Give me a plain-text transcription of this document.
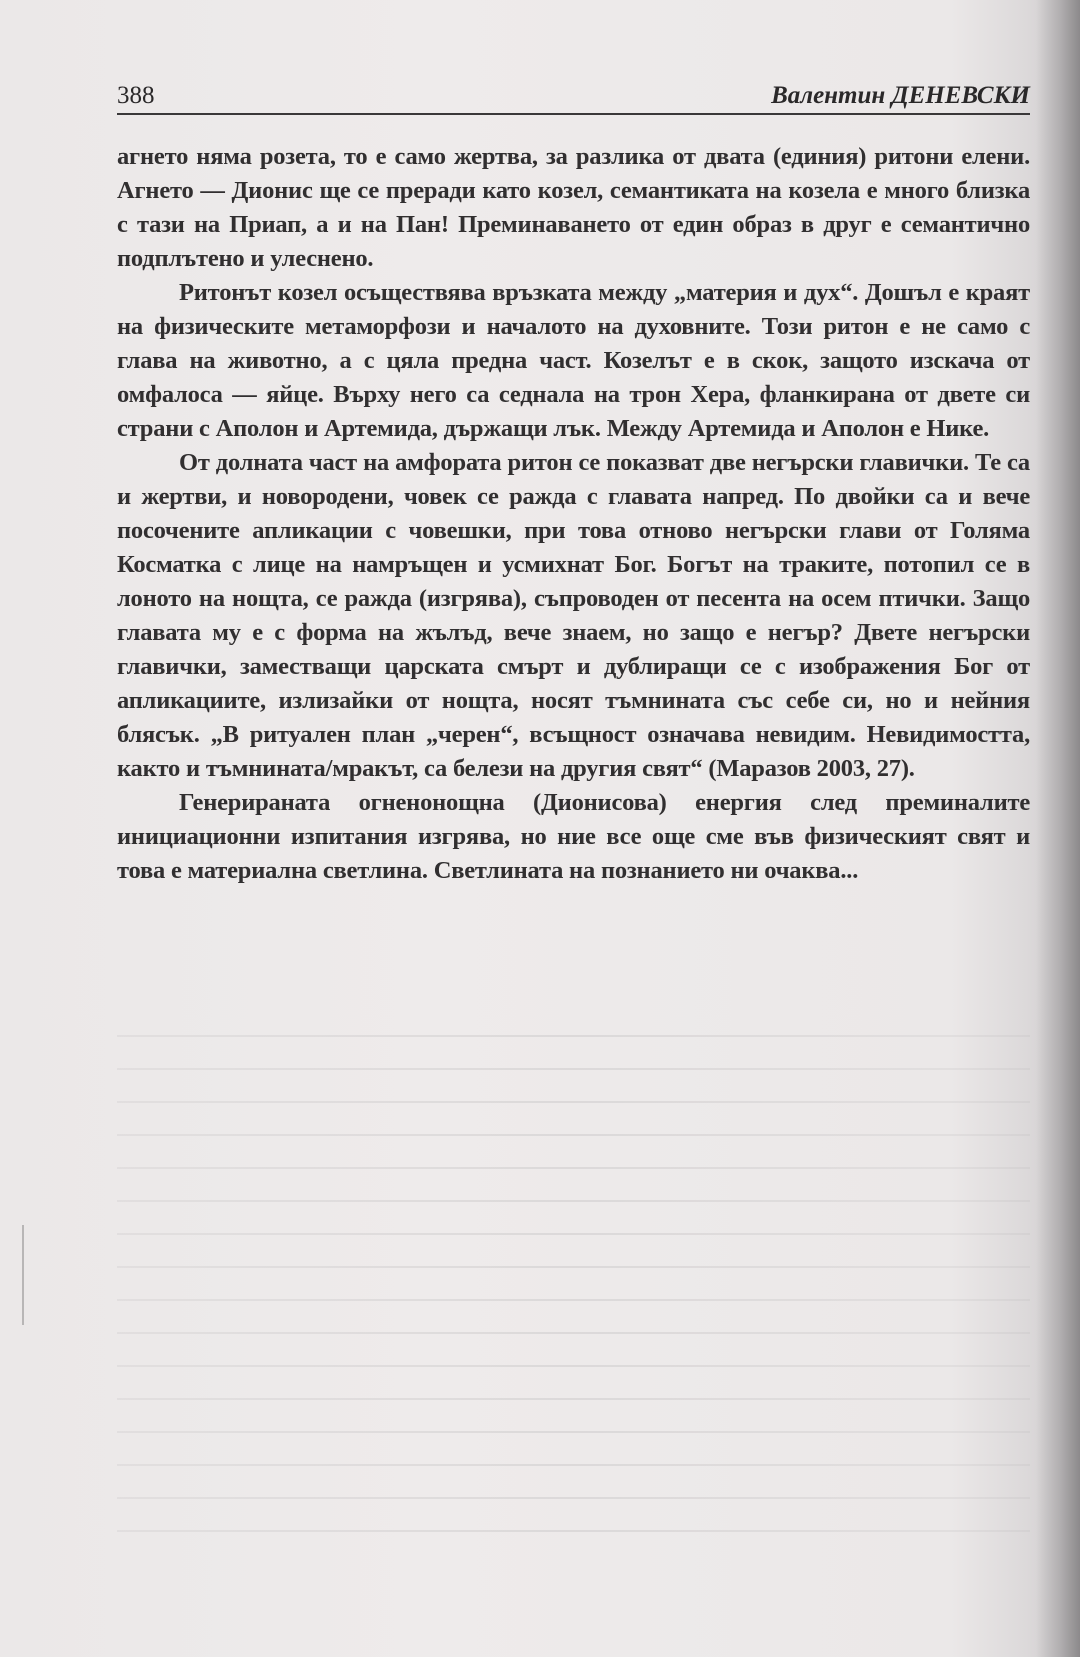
388	Валентин ДЕНЕВСКИ

агнето няма розета, то е само жертва, за разлика от двата (единия) ритони елени. Агнето — Дионис ще се преради като козел, семантиката на козела е много близка с тази на Приап, а и на Пан! Преминаването от един образ в друг е семантично подплътено и улеснено.

Ритонът козел осъществява връзката между „материя и дух“. Дошъл е краят на физическите метаморфози и началото на духовните. Този ритон е не само с глава на животно, а с цяла предна част. Козелът е в скок, защото изскача от омфалоса — яйце. Върху него са седнала на трон Хера, фланкирана от двете си страни с Аполон и Артемида, държащи лък. Между Артемида и Аполон е Нике.

От долната част на амфората ритон се показват две негърски главички. Те са и жертви, и новородени, човек се ражда с главата напред. По двойки са и вече посочените апликации с човешки, при това отново негърски глави от Голяма Косматка с лице на намръщен и усмихнат Бог. Богът на траките, потопил се в лоното на нощта, се ражда (изгрява), съпроводен от песента на осем птички. Защо главата му е с форма на жълъд, вече знаем, но защо е негър? Двете негърски главички, заместващи царската смърт и дублиращи се с изображения Бог от апликациите, излизайки от нощта, носят тъмнината със себе си, но и нейния блясък. „В ритуален план „черен“, всъщност означава невидим. Невидимостта, както и тъмнината/мракът, са белези на другия свят“ (Маразов 2003, 27).

Генерираната огненонощна (Дионисова) енергия след преминалите инициационни изпитания изгрява, но ние все още сме във физическият свят и това е материална светлина. Светлината на познанието ни очаква...
